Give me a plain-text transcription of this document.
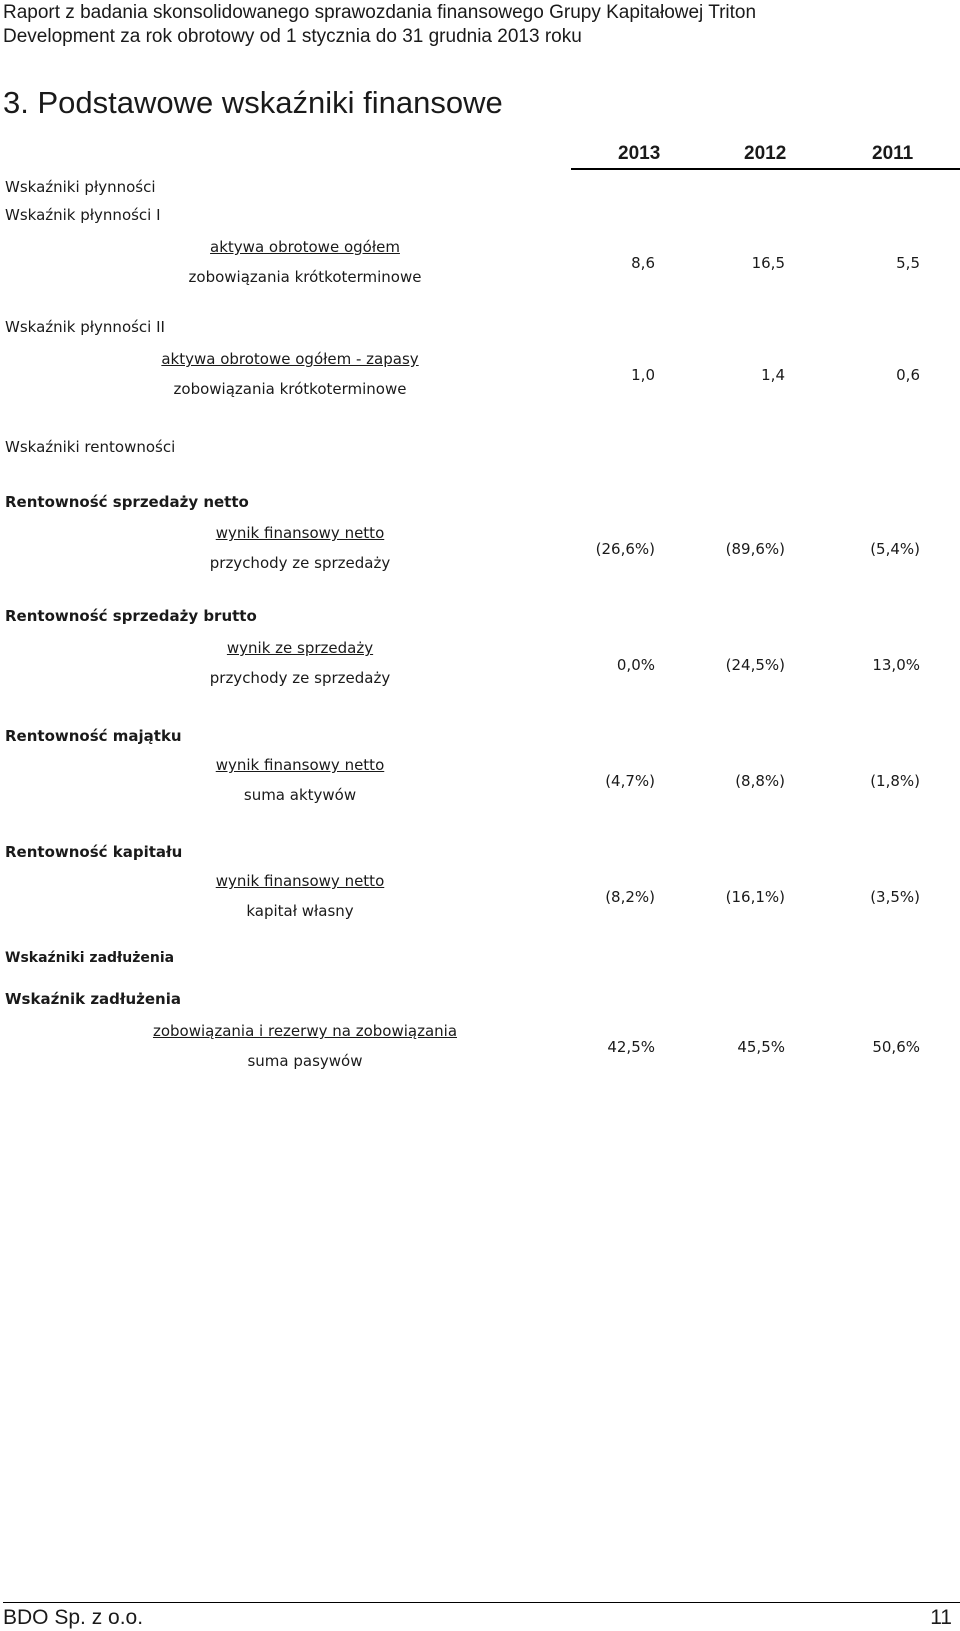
Raport z badania skonsolidowanego sprawozdania finansowego Grupy Kapitałowej Triton
Development za rok obrotowy od 1 stycznia do 31 grudnia 2013 roku
3. Podstawowe wskaźniki finansowe
2013	2012	2011
Wskaźniki płynności
Wskaźnik płynności I
aktywa obrotowe ogółem
zobowiązania krótkoterminowe
8,6	16,5	5,5
Wskaźnik płynności II
aktywa obrotowe ogółem - zapasy
zobowiązania krótkoterminowe
1,0	1,4	0,6
Wskaźniki rentowności
Rentowność sprzedaży netto
wynik finansowy netto
przychody ze sprzedaży
(26,6%)	(89,6%)	(5,4%)
Rentowność sprzedaży brutto
wynik ze sprzedaży
przychody ze sprzedaży
0,0%	(24,5%)	13,0%
Rentowność majątku
wynik finansowy netto
suma aktywów
(4,7%)	(8,8%)	(1,8%)
Rentowność kapitału
wynik finansowy netto
kapitał własny
(8,2%)	(16,1%)	(3,5%)
Wskaźniki zadłużenia
Wskaźnik zadłużenia
zobowiązania i rezerwy na zobowiązania
suma pasywów
42,5%	45,5%	50,6%
BDO Sp. z o.o.	11
